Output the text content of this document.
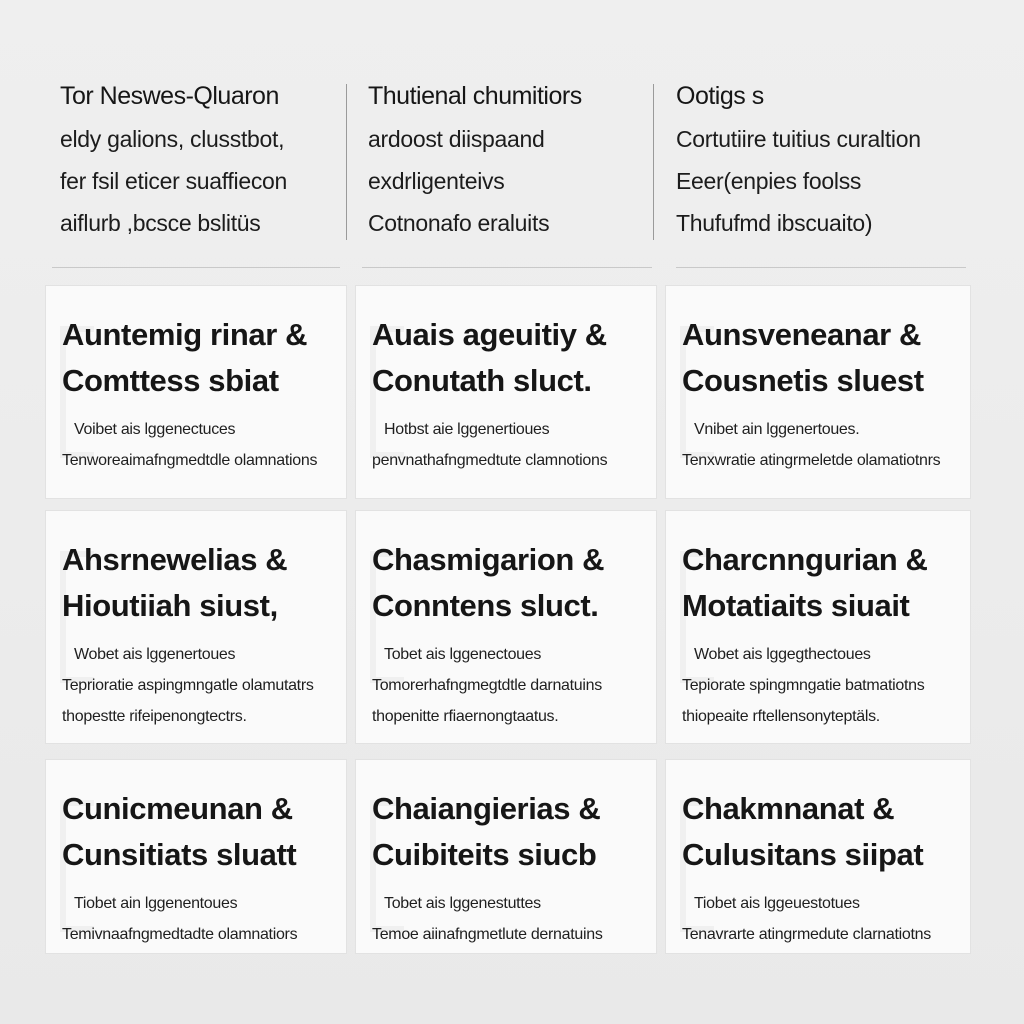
Tor Neswes-Qluaron

eldy galions, clusstbot,

fer fsil eticer suaffiecon

aiflurb ,bcsce bslitüs

Thutienal chumitiors

ardoost diispaand

exdrligenteivs

Cotnonafo eraluits

Ootigs s

Cortutiire tuitius curaltion

Eeer(enpies foolss

Thufufmd ibscuaito)

Auntemig rinar &
Comttess sbiat

Voibet ais lggenectuces

Tenworeaimafngmedtdle olamnations

Auais ageuitiy &
Conutath sluct.

Hotbst aie lggenertioues

penvnathafngmedtute clamnotions

Aunsveneanar &
Cousnetis sluest

Vnibet ain lggenertoues.

Tenxwratie atingrmeletde olamatiotnrs

Ahsrnewelias &
Hioutiiah siust,

Wobet ais lggenertoues

Teprioratie aspingmngatle olamutatrs

thopestte rifeipenongtectrs.

Chasmigarion &
Conntens sluct.

Tobet ais lggenectoues

Tomorerhafngmegtdtle darnatuins

thopenitte rfiaernongtaatus.

Charcnngurian &
Motatiaits siuait

Wobet ais lggegthectoues

Tepiorate spingmngatie batmatiotns

thiopeaite rftellensonyteptäls.

Cunicmeunan &
Cunsitiats sluatt

Tiobet ain lggenentoues

Temivnaafngmedtadte olamnatiors

Chaiangierias &
Cuibiteits siucb

Tobet ais lggenestuttes

Temoe aiinafngmetlute dernatuins

Chakmnanat &
Culusitans siipat

Tiobet ais lggeuestotues

Tenavrarte atingrmedute clarnatiotns
